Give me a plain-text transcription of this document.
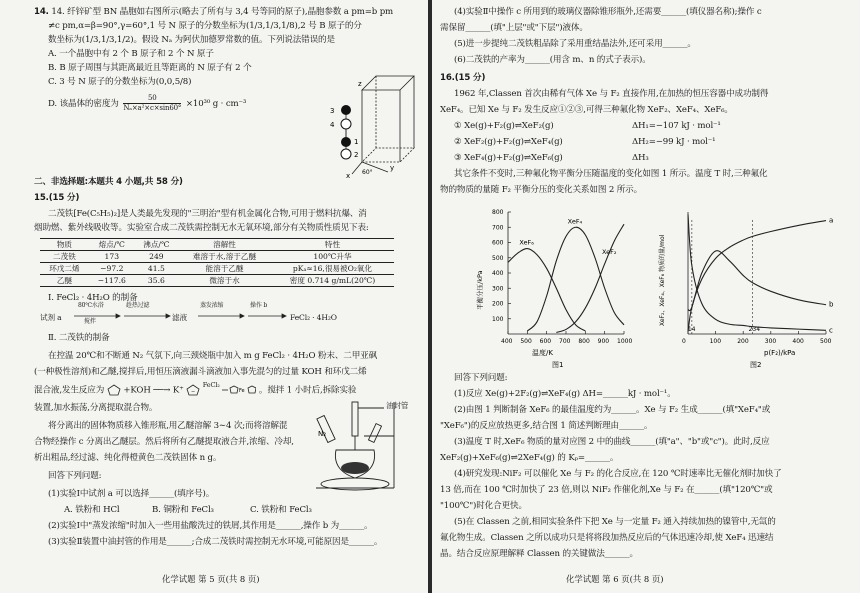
14. 14. 纤锌矿型 BN 晶胞如右图所示(略去了所有与 3,4 号等同的原子),晶胞参数 a pm=b pm
≠c pm,α=β=90°,γ=60°,1 号 N 原子的分数坐标为(1/3,1/3,1/8),2 号 B 原子的分
数坐标为(1/3,1/3,1/2)。假设 Nₐ 为阿伏加德罗常数的值。下列说法错误的是
A. 一个晶胞中有 2 个 B 原子和 2 个 N 原子
B. B 原子周围与其距离最近且等距离的 N 原子有 2 个
C. 3 号 N 原子的分数坐标为(0,0,5/8)
D. 该晶体的密度为 $\frac{50}{\text{Nₐ×a²×c×sin60°}} \times 10^{30}$ g · cm⁻³
3
4
1
2
z
y
x 60°
二、非选择题:本题共 4 小题,共 58 分)
15.(15 分)
二茂铁[Fe(C₅H₅)₂]是人类最先发现的"三明治"型有机金属化合物,可用于燃料抗爆、消
烟助燃、紫外线吸收等。实验室合成二茂铁需控制无水无氧环境,部分有关物质性质见下表:
物质	熔点/℃	沸点/℃	溶解性	特性
二茂铁	173	249	难溶于水,溶于乙醚	100℃升华
环戊二烯	−97.2	41.5	能溶于乙醚	pKₐ≈16,很易被O₂氧化
乙醚	−117.6	35.6	微溶于水	密度 0.714 g/mL(20℃)
Ⅰ. FeCl₂ · 4H₂O 的制备
试剂 a
80℃水浴
搅拌
趁热过滤
滤液
蒸发浓缩	操作 b
FeCl₂ · 4H₂O
Ⅱ. 二茂铁的制备
在控温 20℃和不断通 N₂ 气氛下,向三颈烧瓶中加入 m g FeCl₂ · 4H₂O 粉末、二甲亚砜
(一种极性溶剂)和乙醚,搅拌后,用恒压滴液漏斗滴液加入事先混匀的过量 KOH 和环戊二烯
混合液,发生反应为 +KOH ──→ K⁺ −
$^{FeCl_2}$
Fe 。搅拌 1 小时后,拆除实验
装置,加水振荡,分离提取混合物。
将分离出的固体物质移入锥形瓶,用乙醚溶解 3∼4 次;而将溶解混
合物经操作 c 分离出乙醚层。然后将所有乙醚提取液合并,浓缩、冷却,
析出粗品,经过滤、纯化得橙黄色二茂铁固体 n g。
回答下列问题:
(1)实验Ⅰ中试剂 a 可以选择______(填序号)。
A. 铁粉和 HCl	B. 铜粉和 FeCl₃	C. 铁粉和 FeCl₃
(2)实验Ⅰ中"蒸发浓缩"时加入一些用盐酸洗过的铁屑,其作用是______,操作 b 为______。
(3)实验Ⅱ装置中油封管的作用是______;合成二茂铁时需控制无水环境,可能原因是______。
N₂
油封管
化学试题 第 5 页(共 8 页)
(4)实验Ⅱ中操作 c 所用到的玻璃仪器除锥形瓶外,还需要______(填仪器名称);操作 c
需保留______(填"上层"或"下层")液体。
(5)进一步提纯二茂铁粗品除了采用重结晶法外,还可采用______。
(6)二茂铁的产率为______(用含 m、n 的式子表示)。
16.(15 分)
1962 年,Classen 首次由稀有气体 Xe 与 F₂ 直接作用,在加热的恒压容器中成功制得
XeF₄。已知 Xe 与 F₂ 发生反应①②③,可得三种氟化物 XeF₂、XeF₄、XeF₆。
① Xe(g)+F₂(g)⇌XeF₂(g)	ΔH₁=−107 kJ · mol⁻¹
② XeF₂(g)+F₂(g)⇌XeF₄(g)	ΔH₂=−99 kJ · mol⁻¹
③ XeF₄(g)+F₂(g)⇌XeF₆(g)	ΔH₃
其它条件不变时,三种氟化物平衡分压随温度的变化如图 1 所示。温度 T 时,三种氟化
物的物质的量随 F₂ 平衡分压的变化关系如图 2 所示。
400 500 600 700 800 900 1000
100
200
300
400
500
600
700
800
XeF₆
XeF₄
XeF₂
温度/K
图1
平衡分压/kPa
0	100	200	300	400	500
14	234
a
b
c
p(F₂)/kPa
图2
XeF₂、XeF₄、XeF₆ 物质的量/mol
回答下列问题:
(1)反应 Xe(g)+2F₂(g)⇌XeF₄(g) ΔH=______kJ · mol⁻¹。
(2)由图 1 判断制备 XeF₆ 的最佳温度约为______。Xe 与 F₂ 生成______(填"XeF₄"或
"XeF₆")的反应放热更多,结合图 1 简述判断理由______。
(3)温度 T 时,XeF₆ 物质的量对应图 2 中的曲线______(填"a"、"b"或"c")。此时,反应
XeF₂(g)+XeF₆(g)⇌2XeF₄(g) 的 Kₚ=______。
(4)研究发现:NiF₂ 可以催化 Xe 与 F₂ 的化合反应,在 120 ℃时速率比无催化剂时加快了
13 倍,而在 100 ℃时加快了 23 倍,则以 NiF₂ 作催化剂,Xe 与 F₂ 在______(填"120℃"或
"100℃")时化合更快。
(5)在 Classen 之前,相同实验条件下把 Xe 与一定量 F₂ 通入持续加热的镍管中,无氙的
氟化物生成。Classen 之所以成功只是将将段加热反应后的气体迅速冷却,使 XeF₄ 迅速结
晶。结合反应原理解释 Classen 的关键做法______。
化学试题 第 6 页(共 8 页)
